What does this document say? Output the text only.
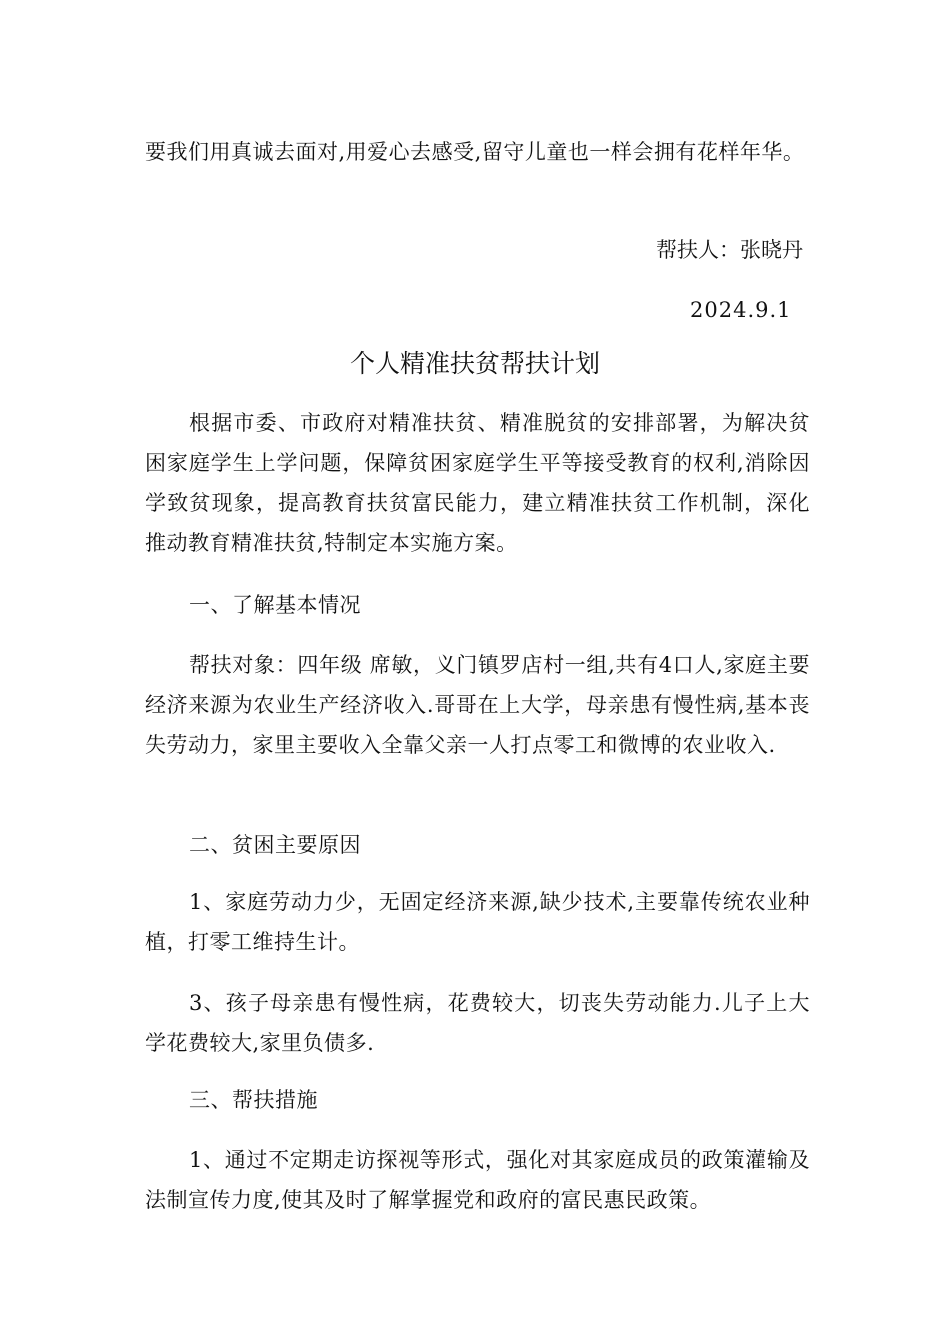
要我们用真诚去面对,用爱心去感受,留守儿童也一样会拥有花样年华。

帮扶人：张晓丹
2024.9.1
个人精准扶贫帮扶计划

根据市委、市政府对精准扶贫、精准脱贫的安排部署，为解决贫困家庭学生上学问题，保障贫困家庭学生平等接受教育的权利,消除因学致贫现象，提高教育扶贫富民能力，建立精准扶贫工作机制，深化推动教育精准扶贫,特制定本实施方案。

一、了解基本情况

帮扶对象：四年级 席敏，义门镇罗店村一组,共有4口人,家庭主要经济来源为农业生产经济收入.哥哥在上大学，母亲患有慢性病,基本丧失劳动力，家里主要收入全靠父亲一人打点零工和微博的农业收入.

二、贫困主要原因

1、家庭劳动力少，无固定经济来源,缺少技术,主要靠传统农业种植，打零工维持生计。

3、孩子母亲患有慢性病，花费较大，切丧失劳动能力.儿子上大学花费较大,家里负债多.

三、帮扶措施

1、通过不定期走访探视等形式，强化对其家庭成员的政策灌输及法制宣传力度,使其及时了解掌握党和政府的富民惠民政策。
